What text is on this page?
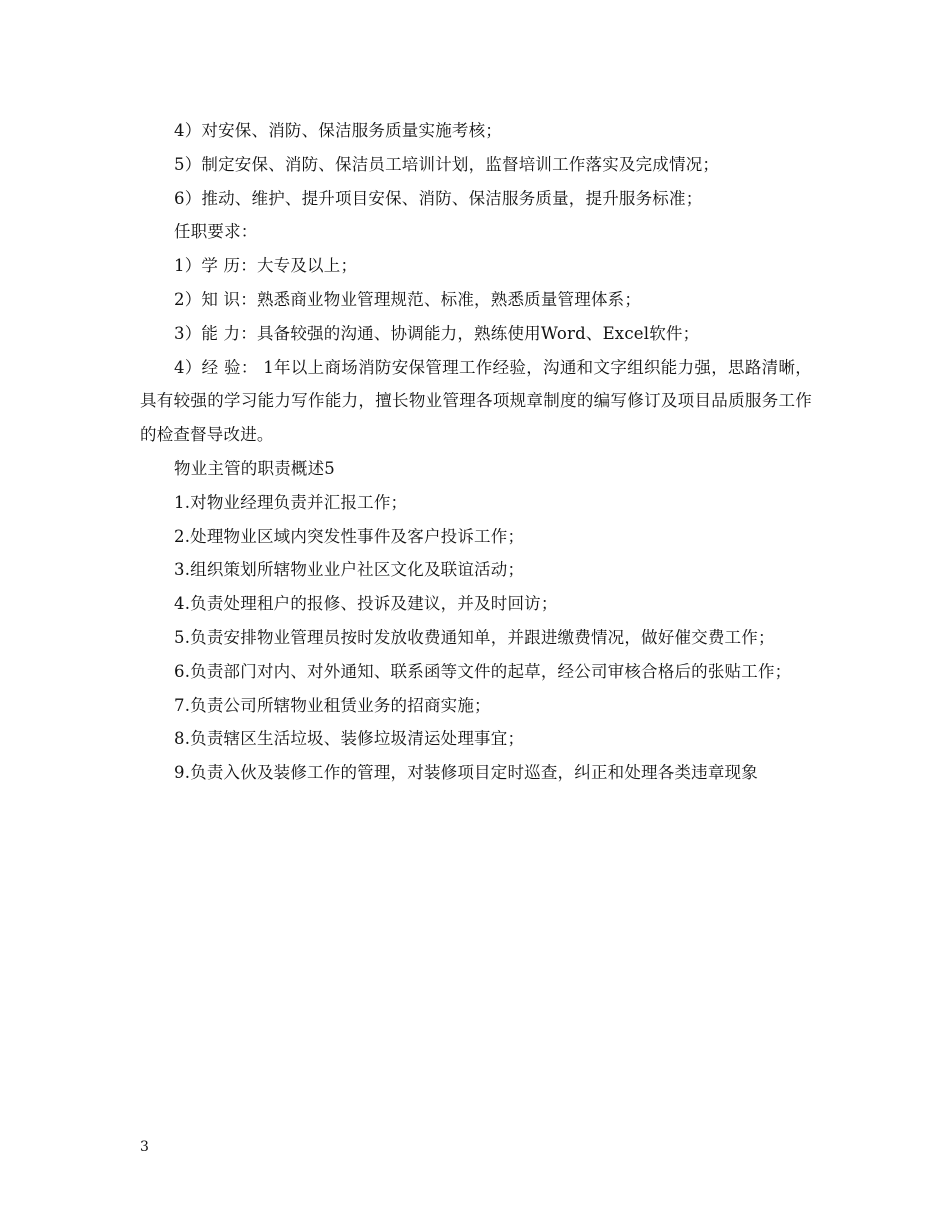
4）对安保、消防、保洁服务质量实施考核；

5）制定安保、消防、保洁员工培训计划，监督培训工作落实及完成情况；

6）推动、维护、提升项目安保、消防、保洁服务质量，提升服务标准；

任职要求：

1）学 历：大专及以上；

2）知 识：熟悉商业物业管理规范、标准，熟悉质量管理体系；

3）能 力：具备较强的沟通、协调能力，熟练使用Word、Excel软件；

4）经 验： 1年以上商场消防安保管理工作经验，沟通和文字组织能力强，思路清晰，具有较强的学习能力写作能力，擅长物业管理各项规章制度的编写修订及项目品质服务工作的检查督导改进。

物业主管的职责概述5

1.对物业经理负责并汇报工作；

2.处理物业区域内突发性事件及客户投诉工作；

3.组织策划所辖物业业户社区文化及联谊活动；

4.负责处理租户的报修、投诉及建议，并及时回访；

5.负责安排物业管理员按时发放收费通知单，并跟进缴费情况，做好催交费工作；

6.负责部门对内、对外通知、联系函等文件的起草，经公司审核合格后的张贴工作；

7.负责公司所辖物业租赁业务的招商实施；

8.负责辖区生活垃圾、装修垃圾清运处理事宜；

9.负责入伙及装修工作的管理，对装修项目定时巡查，纠正和处理各类违章现象

3
